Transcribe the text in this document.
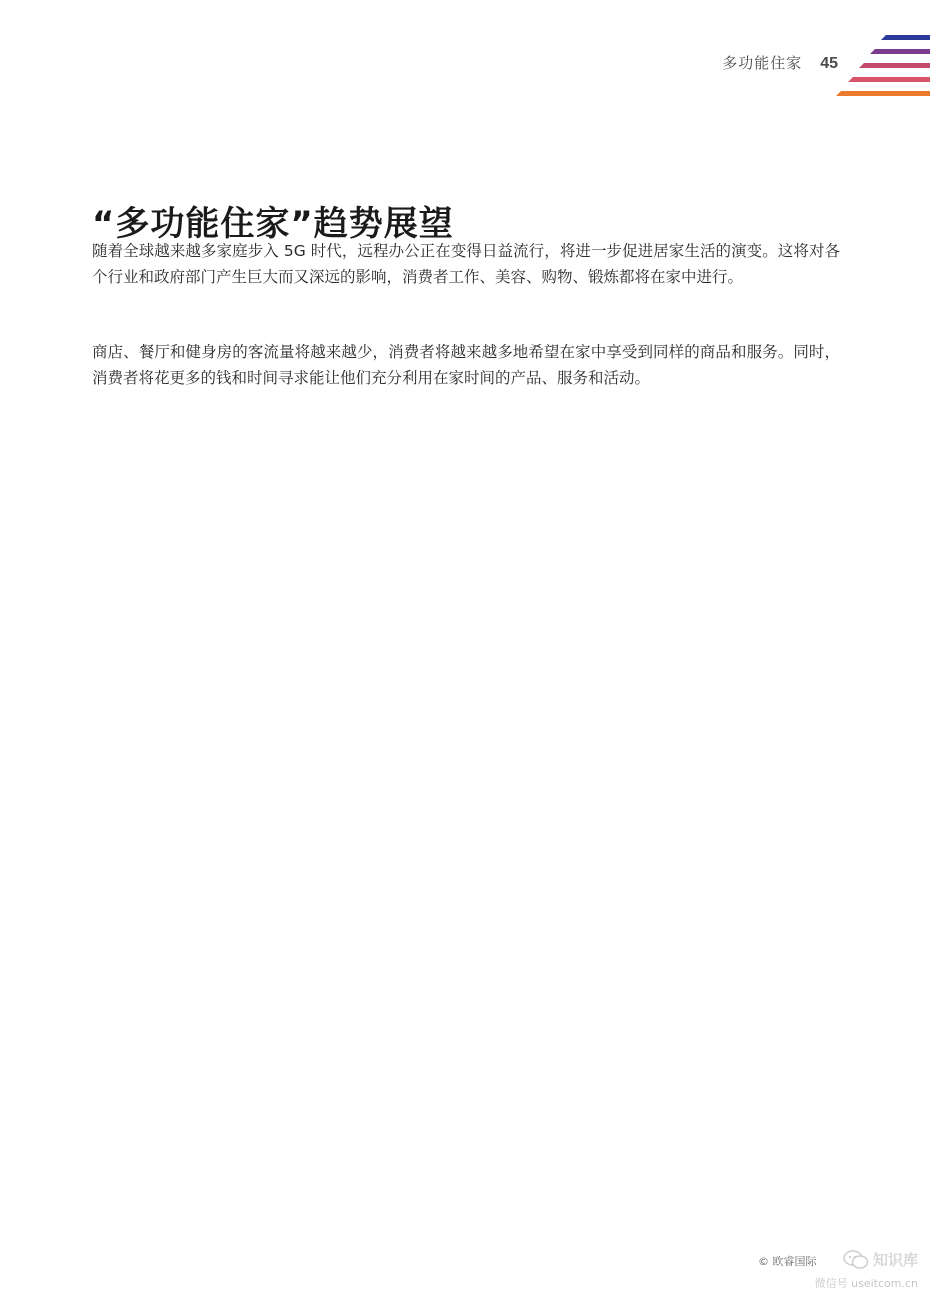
多功能住家 45
“多功能住家”趋势展望

随着全球越来越多家庭步入 5G 时代，远程办公正在变得日益流行，将进一步促进居家生活的演变。这将对各个行业和政府部门产生巨大而又深远的影响，消费者工作、美容、购物、锻炼都将在家中进行。

商店、餐厅和健身房的客流量将越来越少，消费者将越来越多地希望在家中享受到同样的商品和服务。同时，消费者将花更多的钱和时间寻求能让他们充分利用在家时间的产品、服务和活动。

© 欧睿国际	知识库
微信号 useitcom.cn
